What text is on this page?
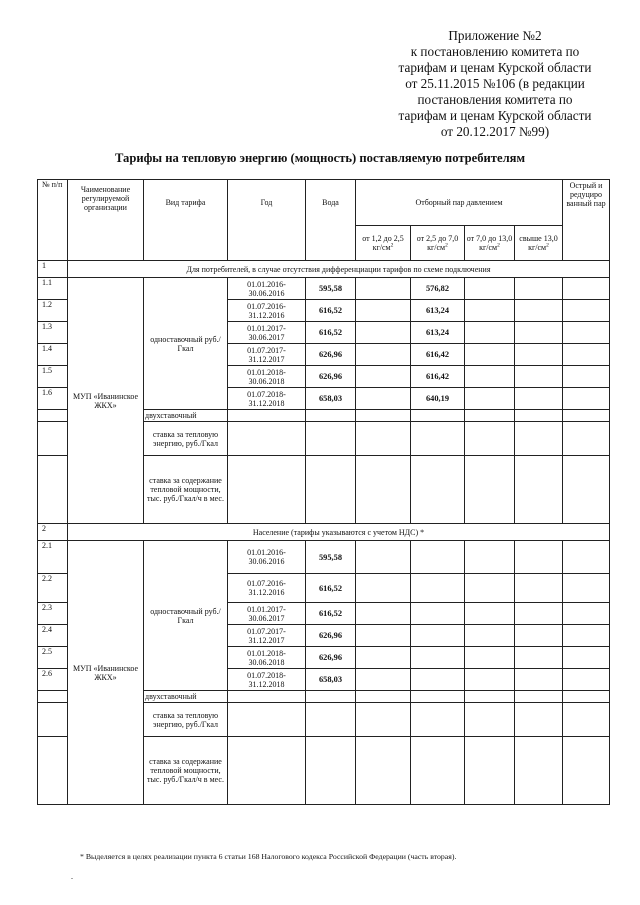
Приложение №2
к постановлению комитета по
тарифам и ценам Курской области
от 25.11.2015 №106 (в редакции
постановления комитета по
тарифам и ценам Курской области
от 20.12.2017 №99)
Тарифы на тепловую энергию (мощность) поставляемую потребителям
№ п/п	Чаименование регулируемой организации	Вид тарифа	Год	Вода	Отборный пар давлением				Острый и редуциро ванный пар
					от 1,2 до 2,5 $кг/см^2$	от 2,5 до 7,0 $кг/см^2$	от 7,0 до 13,0 $кг/см^2$	свыше 13,0 $кг/см^2$
1	Для потребителей, в случае отсутствия дифференциации тарифов по схеме подключения								
1.1	МУП «Иванинское ЖКХ»	одноставочный руб./Гкал	01.01.2016- 30.06.2016	595,58		576,82			
1.2			01.07.2016- 31.12.2016	616,52		613,24			
1.3			01.01.2017- 30.06.2017	616,52		613,24			
1.4			01.07.2017- 31.12.2017	626,96		616,42			
1.5			01.01.2018- 30.06.2018	626,96		616,42			
1.6			01.07.2018- 31.12.2018	658,03		640,19			
		двухставочный							
		ставка за тепловую энергию, руб./Гкал							
		ставка за содержание тепловой мощности, тыс. руб./Гкал/ч в мес.							
2	Население (тарифы указываются с учетом НДС) *								
2.1	МУП «Иванинское ЖКХ»	одноставочный руб./Гкал	01.01.2016- 30.06.2016	595,58					
2.2			01.07.2016- 31.12.2016	616,52					
2.3			01.01.2017- 30.06.2017	616,52					
2.4			01.07.2017- 31.12.2017	626,96					
2.5			01.01.2018- 30.06.2018	626,96					
2.6			01.07.2018- 31.12.2018	658,03					
		двухставочный							
		ставка за тепловую энергию, руб./Гкал							
		ставка за содержание тепловой мощности, тыс. руб./Гкал/ч в мес.							
* Выделяется в целях реализации пункта 6 статьи 168 Налогового кодекса Российской Федерации (часть вторая).
.
